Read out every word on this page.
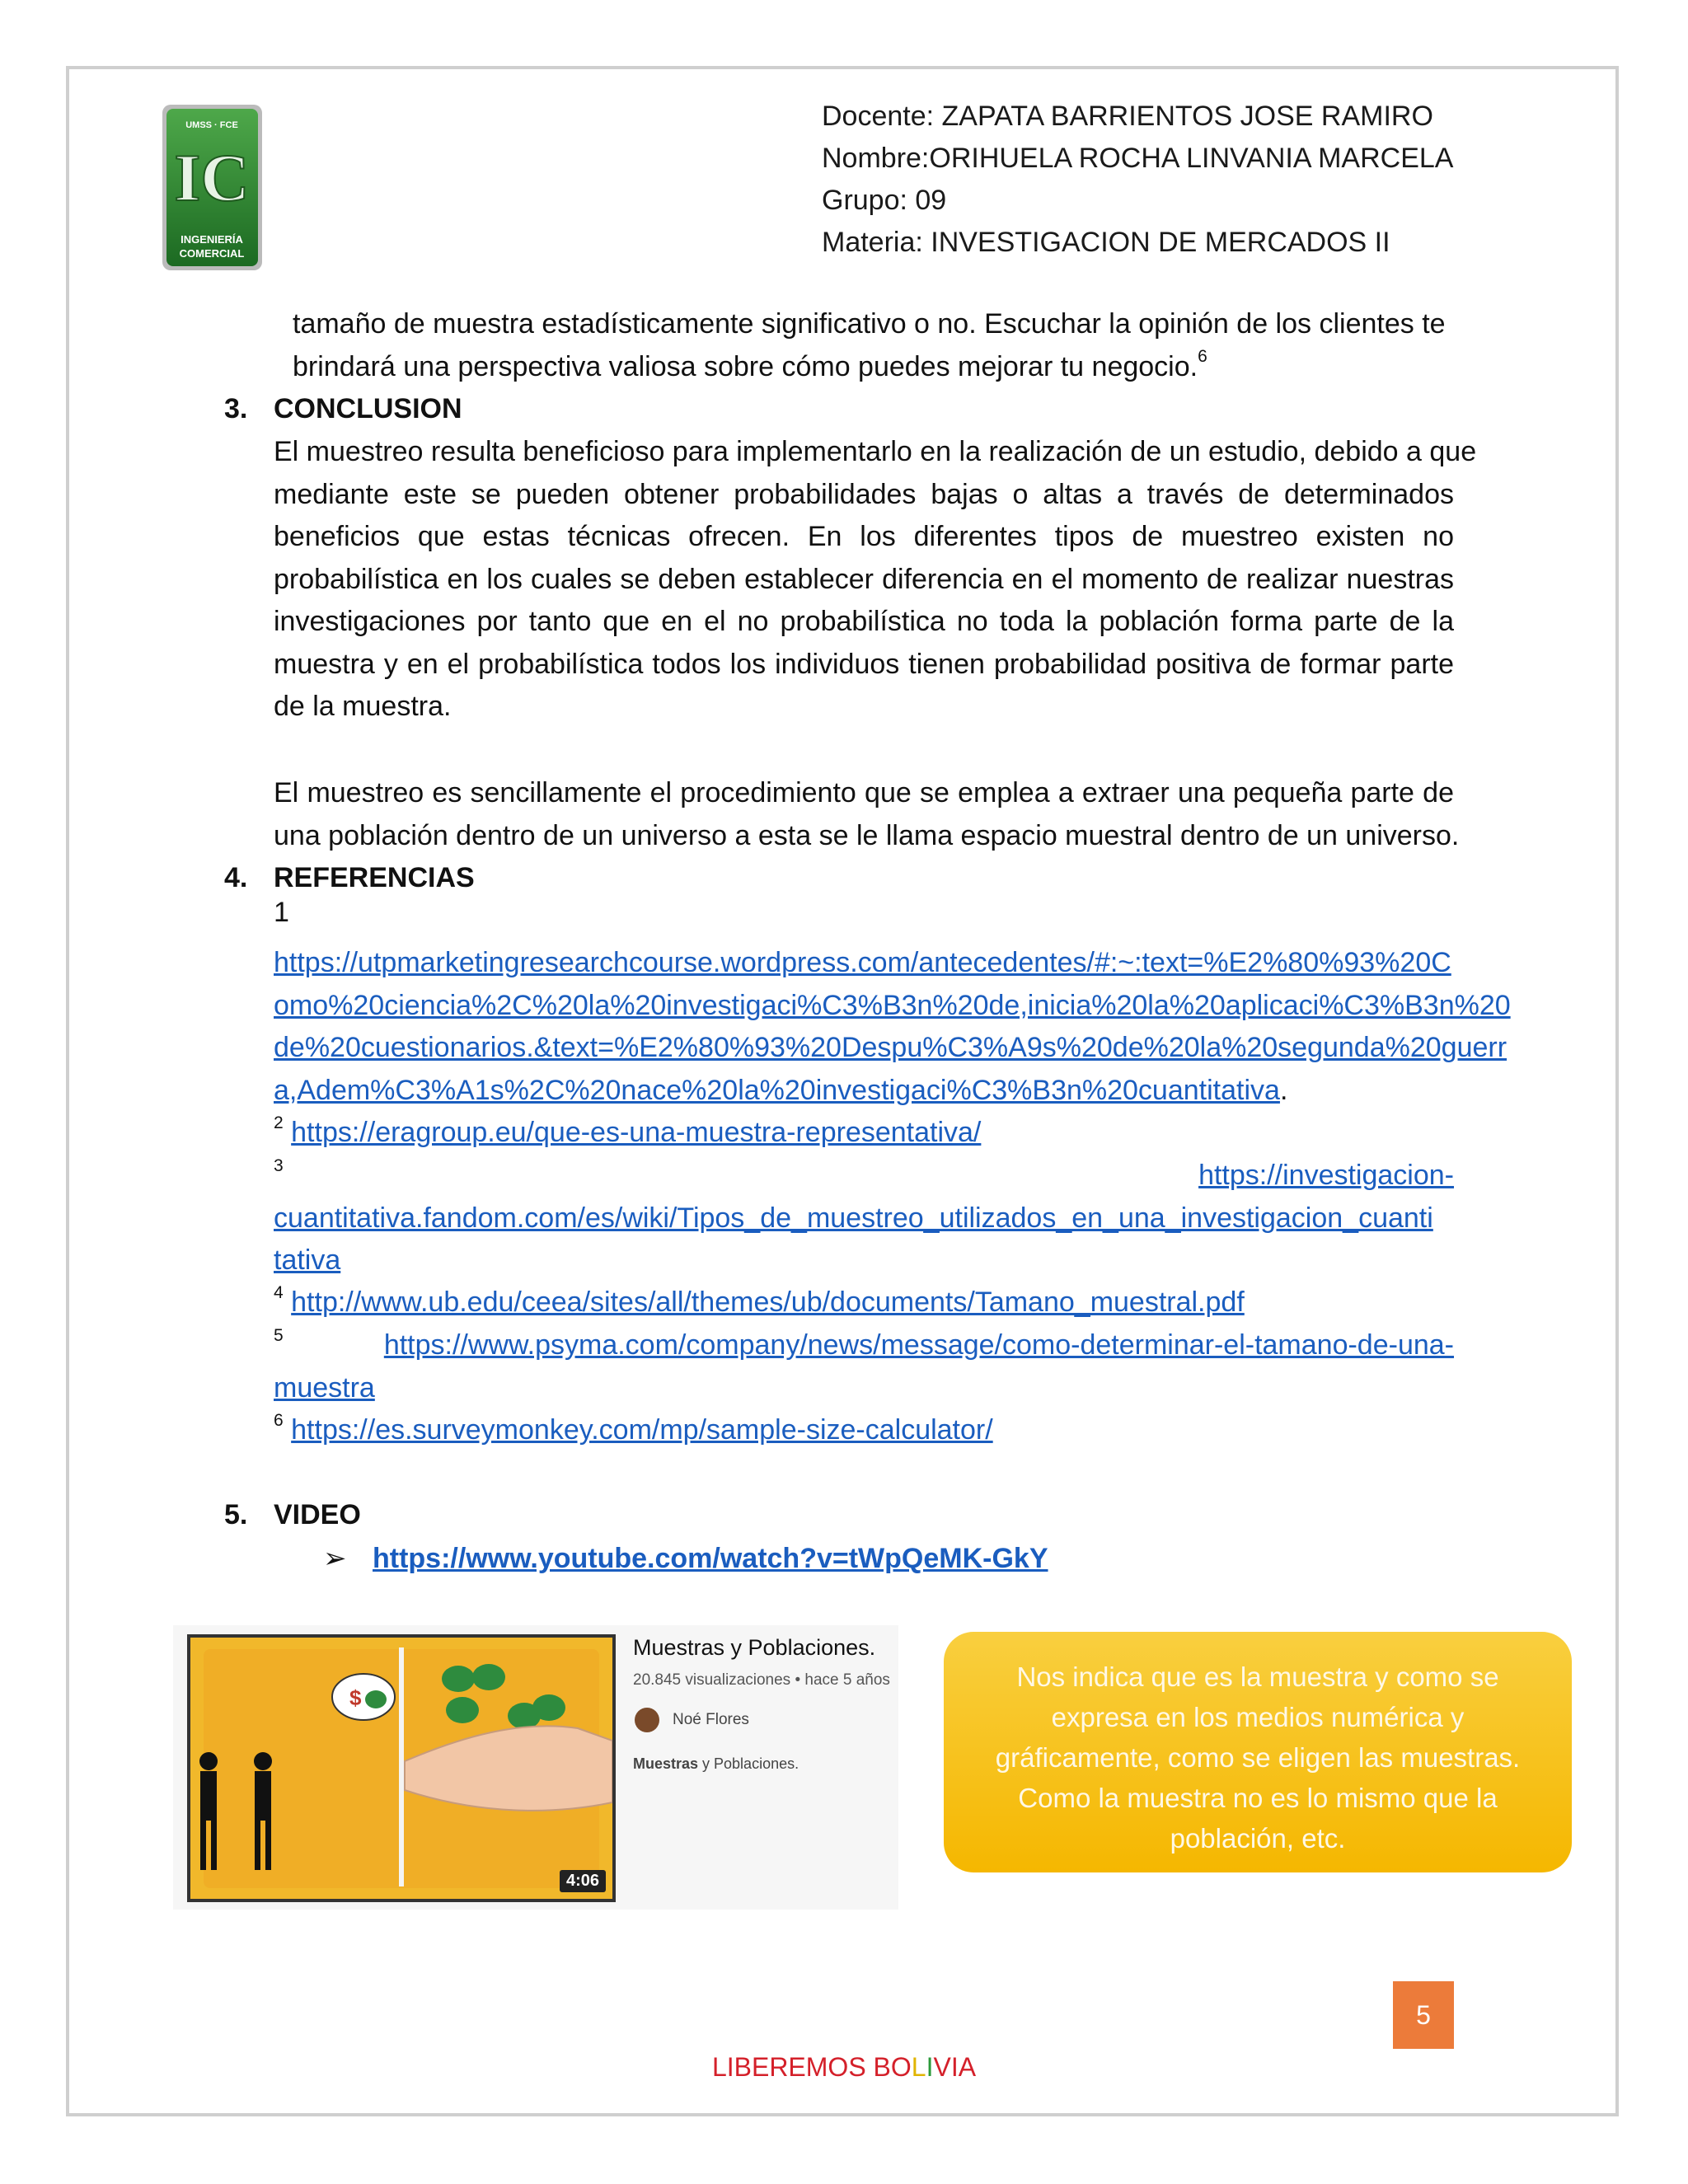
UMSS · FCE
IC
INGENIERÍA
COMERCIAL
Docente: ZAPATA BARRIENTOS JOSE RAMIRO
Nombre:ORIHUELA ROCHA LINVANIA MARCELA
Grupo: 09
Materia: INVESTIGACION DE MERCADOS II
tamaño de muestra estadísticamente significativo o no. Escuchar la opinión de los clientes te
brindará una perspectiva valiosa sobre cómo puedes mejorar tu negocio.$^6$
3. CONCLUSION
El muestreo resulta beneficioso para implementarlo en la realización de un estudio, debido a que
mediante este se pueden obtener probabilidades bajas o altas a través de determinados
beneficios que estas técnicas ofrecen. En los diferentes tipos de muestreo existen no
probabilística en los cuales se deben establecer diferencia en el momento de realizar nuestras
investigaciones por tanto que en el no probabilística no toda la población forma parte de la
muestra y en el probabilística todos los individuos tienen probabilidad positiva de formar parte
de la muestra.
El muestreo es sencillamente el procedimiento que se emplea a extraer una pequeña parte de
una población dentro de un universo a esta se le llama espacio muestral dentro de un universo.
4. REFERENCIAS
1
https://utpmarketingresearchcourse.wordpress.com/antecedentes/#:~:text=%E2%80%93%20C
omo%20ciencia%2C%20la%20investigaci%C3%B3n%20de,inicia%20la%20aplicaci%C3%B3n%20
de%20cuestionarios.&text=%E2%80%93%20Despu%C3%A9s%20de%20la%20segunda%20guerr
a,Adem%C3%A1s%2C%20nace%20la%20investigaci%C3%B3n%20cuantitativa.
$^2$ https://eragroup.eu/que-es-una-muestra-representativa/
$^3$	https://investigacion-
cuantitativa.fandom.com/es/wiki/Tipos_de_muestreo_utilizados_en_una_investigacion_cuanti
tativa
$^4$ http://www.ub.edu/ceea/sites/all/themes/ub/documents/Tamano_muestral.pdf
$^5$	https://www.psyma.com/company/news/message/como-determinar-el-tamano-de-una-
muestra
$^6$ https://es.surveymonkey.com/mp/sample-size-calculator/
5. VIDEO
➢ https://www.youtube.com/watch?v=tWpQeMK-GkY
$
4:06
Muestras y Poblaciones.
20.845 visualizaciones • hace 5 años
Noé Flores
Muestras y Poblaciones.
Nos indica que es la muestra y como se expresa en los medios numérica y gráficamente, como se eligen las muestras. Como la muestra no es lo mismo que la población, etc.
5
LIBEREMOS BOLIVIA
